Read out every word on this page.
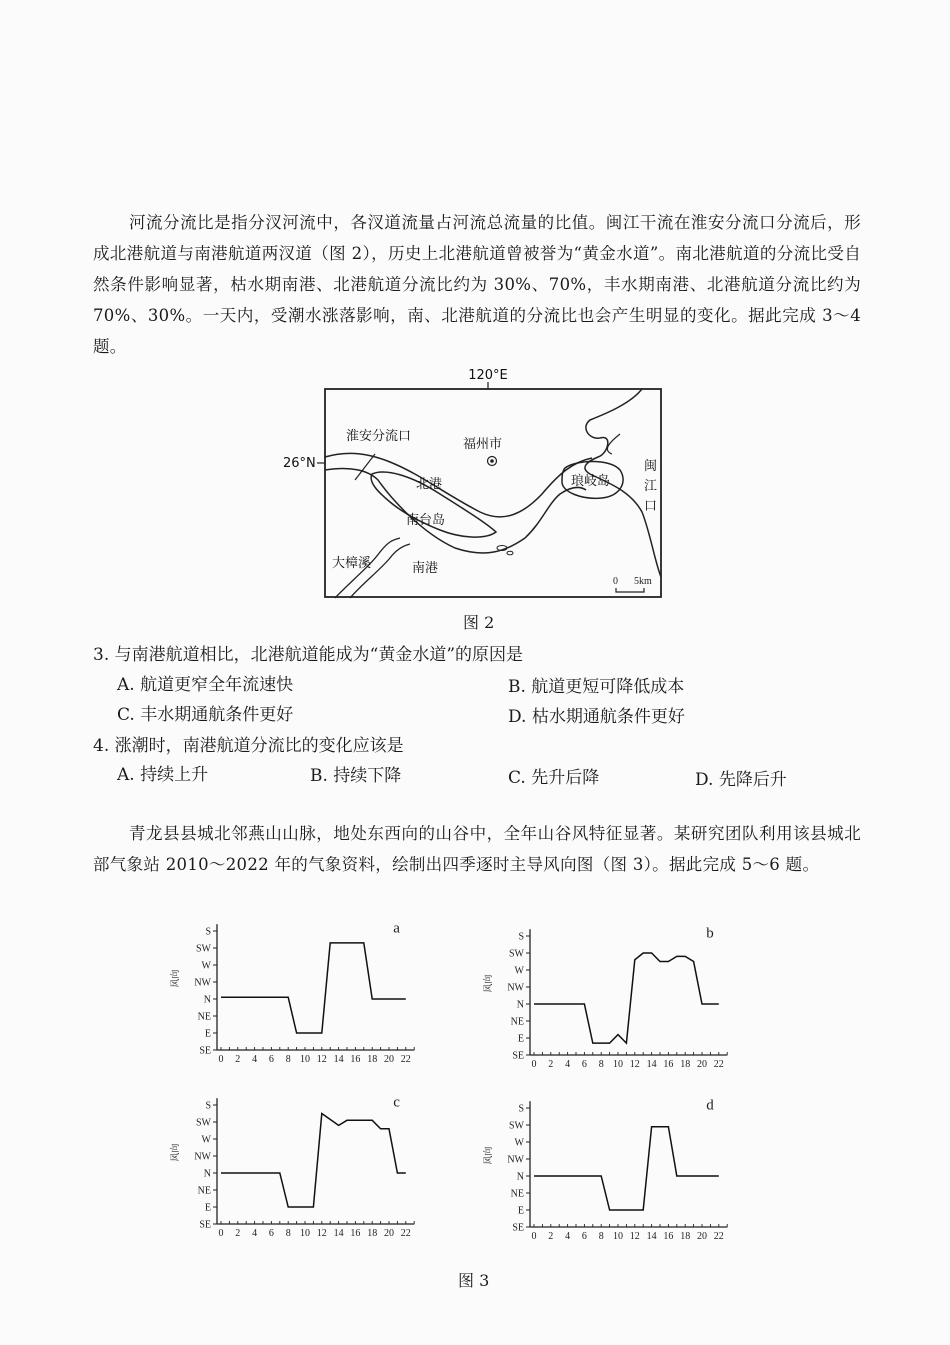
河流分流比是指分汊河流中，各汊道流量占河流总流量的比值。闽江干流在淮安分流口分流后，形成北港航道与南港航道两汊道（图 2），历史上北港航道曾被誉为“黄金水道”。南北港航道的分流比受自然条件影响显著，枯水期南港、北港航道分流比约为 30%、70%，丰水期南港、北港航道分流比约为 70%、30%。一天内，受潮水涨落影响，南、北港航道的分流比也会产生明显的变化。据此完成 3～4 题。

120°E
26°N
淮安分流口
福州市
北港
南台岛
琅岐岛
闽
江
口
大樟溪	南港
0 5km
图 2
3. 与南港航道相比，北港航道能成为“黄金水道”的原因是
A. 航道更窄全年流速快	B. 航道更短可降低成本
C. 丰水期通航条件更好	D. 枯水期通航条件更好
4. 涨潮时，南港航道分流比的变化应该是
A. 持续上升	B. 持续下降	C. 先升后降	D. 先降后升

青龙县县城北邻燕山山脉，地处东西向的山谷中，全年山谷风特征显著。某研究团队利用该县城北部气象站 2010～2022 年的气象资料，绘制出四季逐时主导风向图（图 3）。据此完成 5～6 题。

SE
E
NE
N
NW
W
SW
S
0 2 4 6 8 10 12 14 16 18 20 22
风向
a
SE
E
NE
N
NW
W
SW
S
0 2 4 6 8 10 12 14 16 18 20 22
风向
b
SE
E
NE
N
NW
W
SW
S
0 2 4 6 8 10 12 14 16 18 20 22
风向
c
SE
E
NE
N
NW
W
SW
S
0 2 4 6 8 10 12 14 16 18 20 22
风向
d
图 3
